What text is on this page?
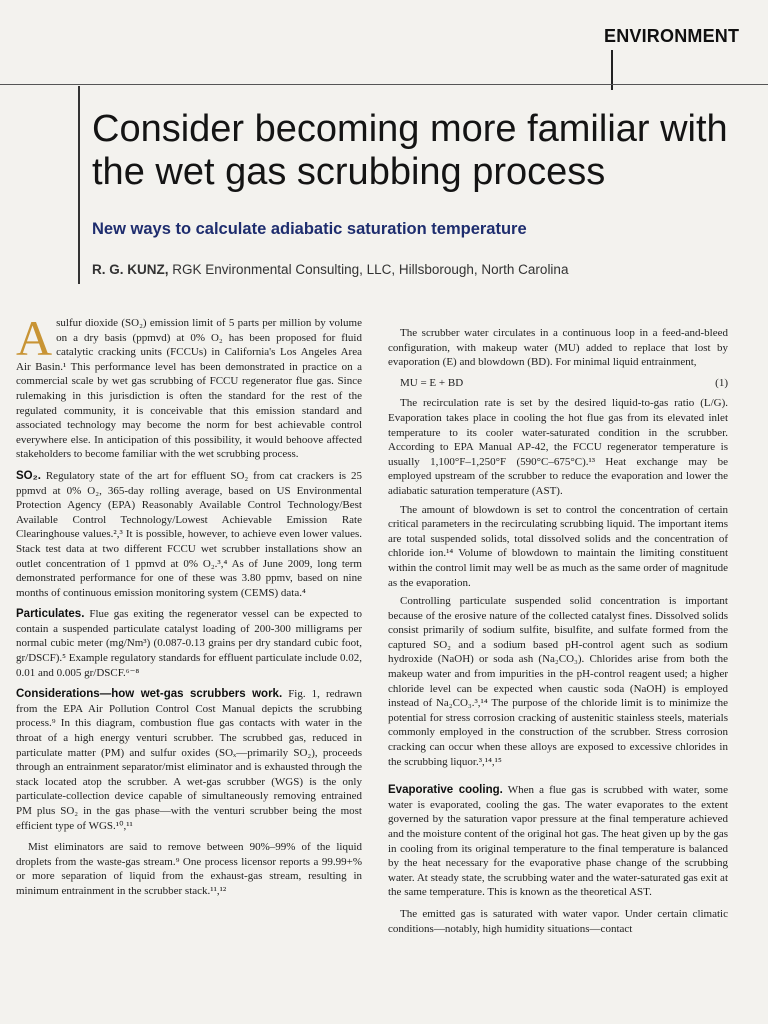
ENVIRONMENT
Consider becoming more familiar with the wet gas scrubbing process
New ways to calculate adiabatic saturation temperature
R. G. KUNZ, RGK Environmental Consulting, LLC, Hillsborough, North Carolina

Asulfur dioxide (SO₂) emission limit of 5 parts per million by volume on a dry basis (ppmvd) at 0% O₂ has been proposed for fluid catalytic cracking units (FCCUs) in California's Los Angeles Area Air Basin.¹ This performance level has been demonstrated in practice on a commercial scale by wet gas scrubbing of FCCU regenerator flue gas. Since rulemaking in this jurisdiction is often the standard for the rest of the regulated community, it is conceivable that this emission standard and associated technology may become the norm for best achievable control everywhere else. In anticipation of this possibility, it would behoove affected stakeholders to become familiar with the wet scrubbing process.

SO₂. Regulatory state of the art for effluent SO₂ from cat crackers is 25 ppmvd at 0% O₂, 365-day rolling average, based on US Environmental Protection Agency (EPA) Reasonably Available Control Technology/Best Available Control Technology/Lowest Achievable Emission Rate Clearinghouse values.²,³ It is possible, however, to achieve even lower values. Stack test data at two different FCCU wet scrubber installations show an outlet concentration of 1 ppmvd at 0% O₂.³,⁴ As of June 2009, long term demonstrated performance for one of these was 3.80 ppmv, based on nine months of continuous emission monitoring system (CEMS) data.⁴

Particulates. Flue gas exiting the regenerator vessel can be expected to contain a suspended particulate catalyst loading of 200-300 milligrams per normal cubic meter (mg/Nm³) (0.087-0.13 grains per dry standard cubic foot, gr/DSCF).⁵ Example regulatory standards for effluent particulate include 0.02, 0.01 and 0.005 gr/DSCF.⁶⁻⁸

Considerations—how wet-gas scrubbers work. Fig. 1, redrawn from the EPA Air Pollution Control Cost Manual depicts the scrubbing process.⁹ In this diagram, combustion flue gas contacts with water in the throat of a high energy venturi scrubber. The scrubbed gas, reduced in particulate matter (PM) and sulfur oxides (SOₓ—primarily SO₂), proceeds through an entrainment separator/mist eliminator and is exhausted through the stack located atop the scrubber. A wet-gas scrubber (WGS) is the only particulate-collection device capable of simultaneously removing entrained PM plus SO₂ in the gas phase—with the venturi scrubber being the most efficient type of WGS.¹⁰,¹¹

Mist eliminators are said to remove between 90%–99% of the liquid droplets from the waste-gas stream.⁹ One process licensor reports a 99.99+% or more separation of liquid from the exhaust-gas stream, resulting in minimum entrainment in the scrubber stack.¹¹,¹²

The scrubber water circulates in a continuous loop in a feed-and-bleed configuration, with makeup water (MU) added to replace that lost by evaporation (E) and blowdown (BD). For minimal liquid entrainment,

MU = E + BD	(1)

The recirculation rate is set by the desired liquid-to-gas ratio (L/G). Evaporation takes place in cooling the hot flue gas from its elevated inlet temperature to its cooler water-saturated condition in the scrubber. According to EPA Manual AP-42, the FCCU regenerator temperature is usually 1,100°F–1,250°F (590°C–675°C).¹³ Heat exchange may be employed upstream of the scrubber to reduce the evaporation and lower the adiabatic saturation temperature (AST).

The amount of blowdown is set to control the concentration of certain critical parameters in the recirculating scrubbing liquid. The important items are total suspended solids, total dissolved solids and the concentration of chloride ion.¹⁴ Volume of blowdown to maintain the limiting constituent within the control limit may well be as much as the same order of magnitude as the evaporation.

Controlling particulate suspended solid concentration is important because of the erosive nature of the collected catalyst fines. Dissolved solids consist primarily of sodium sulfite, bisulfite, and sulfate formed from the captured SO₂ and a sodium based pH-control agent such as sodium hydroxide (NaOH) or soda ash (Na₂CO₃). Chlorides arise from both the makeup water and from impurities in the pH-control reagent used; a higher chloride level can be expected when caustic soda (NaOH) is employed instead of Na₂CO₃.³,¹⁴ The purpose of the chloride limit is to minimize the potential for stress corrosion cracking of austenitic stainless steels, materials commonly employed in the construction of the scrubber. Stress corrosion cracking can occur when these alloys are exposed to excessive chlorides in the scrubbing liquor.³,¹⁴,¹⁵

Evaporative cooling. When a flue gas is scrubbed with water, some water is evaporated, cooling the gas. The water evaporates to the extent governed by the saturation vapor pressure at the final temperature achieved and the moisture content of the original hot gas. The heat given up by the gas in cooling from its original temperature to the final temperature is balanced by the heat necessary for the evaporative phase change of the scrubbing water. At steady state, the scrubbing water and the water-saturated gas exit at the same temperature. This is known as the theoretical AST.

The emitted gas is saturated with water vapor. Under certain climatic conditions—notably, high humidity situations—contact
